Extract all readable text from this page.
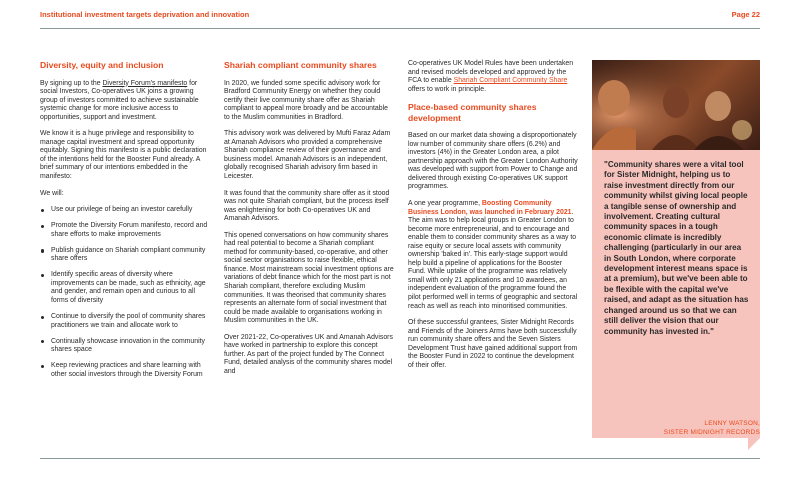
Institutional investment targets deprivation and innovation	Page 22
Diversity, equity and inclusion

By signing up to the Diversity Forum's manifesto for social Investors, Co-operatives UK joins a growing group of investors committed to achieve sustainable systemic change for more inclusive access to opportunities, support and investment.

We know it is a huge privilege and responsibility to manage capital investment and spread opportunity equitably. Signing this manifesto is a public declaration of the intentions held for the Booster Fund already. A brief summary of our intentions embedded in the manifesto:

We will:

Use our privilege of being an investor carefully
Promote the Diversity Forum manifesto, record and share efforts to make improvements
Publish guidance on Shariah compliant community share offers
Identify specific areas of diversity where improvements can be made, such as ethnicity, age and gender, and remain open and curious to all forms of diversity
Continue to diversify the pool of community shares practitioners we train and allocate work to
Continually showcase innovation in the community shares space
Keep reviewing practices and share learning with other social investors through the Diversity Forum
Shariah compliant community shares

In 2020, we funded some specific advisory work for Bradford Community Energy on whether they could certify their live community share offer as Shariah compliant to appeal more broadly and be accountable to the Muslim communities in Bradford.

This advisory work was delivered by Mufti Faraz Adam at Amanah Advisors who provided a comprehensive Shariah compliance review of their governance and business model. Amanah Advisors is an independent, globally recognised Shariah advisory firm based in Leicester.

It was found that the community share offer as it stood was not quite Shariah compliant, but the process itself was enlightening for both Co-operatives UK and Amanah Advisors.

This opened conversations on how community shares had real potential to become a Shariah compliant method for community-based, co-operative, and other social sector organisations to raise flexible, ethical finance. Most mainstream social investment options are variations of debt finance which for the most part is not Shariah compliant, therefore excluding Muslim communities. It was theorised that community shares represents an alternate form of social investment that could be made available to organisations working in Muslim communities in the UK.

Over 2021-22, Co-operatives UK and Amanah Advisors have worked in partnership to explore this concept further. As part of the project funded by The Connect Fund, detailed analysis of the community shares model and

Co-operatives UK Model Rules have been undertaken and revised models developed and approved by the FCA to enable Shariah Compliant Community Share offers to work in principle.

Place-based community shares development

Based on our market data showing a disproportionately low number of community share offers (6.2%) and investors (4%) in the Greater London area, a pilot partnership approach with the Greater London Authority was developed with support from Power to Change and delivered through existing Co-operatives UK support programmes.

A one year programme, Boosting Community Business London, was launched in February 2021. The aim was to help local groups in Greater London to become more entrepreneurial, and to encourage and enable them to consider community shares as a way to raise equity or secure local assets with community ownership 'baked in'. This early-stage support would help build a pipeline of applications for the Booster Fund. While uptake of the programme was relatively small with only 21 applications and 10 awardees, an independent evaluation of the programme found the pilot performed well in terms of geographic and sectoral reach as well as reach into minoritised communities.

Of these successful grantees, Sister Midnight Records and Friends of the Joiners Arms have both successfully run community share offers and the Seven Sisters Development Trust have gained additional support from the Booster Fund in 2022 to continue the development of their offer.

"Community shares were a vital tool for Sister Midnight, helping us to raise investment directly from our community whilst giving local people a tangible sense of ownership and involvement. Creating cultural community spaces in a tough economic climate is incredibly challenging (particularly in our area in South London, where corporate development interest means space is at a premium), but we've been able to be flexible with the capital we've raised, and adapt as the situation has changed around us so that we can still deliver the vision that our community has invested in."

LENNY WATSON,
SISTER MIDNIGHT RECORDS
